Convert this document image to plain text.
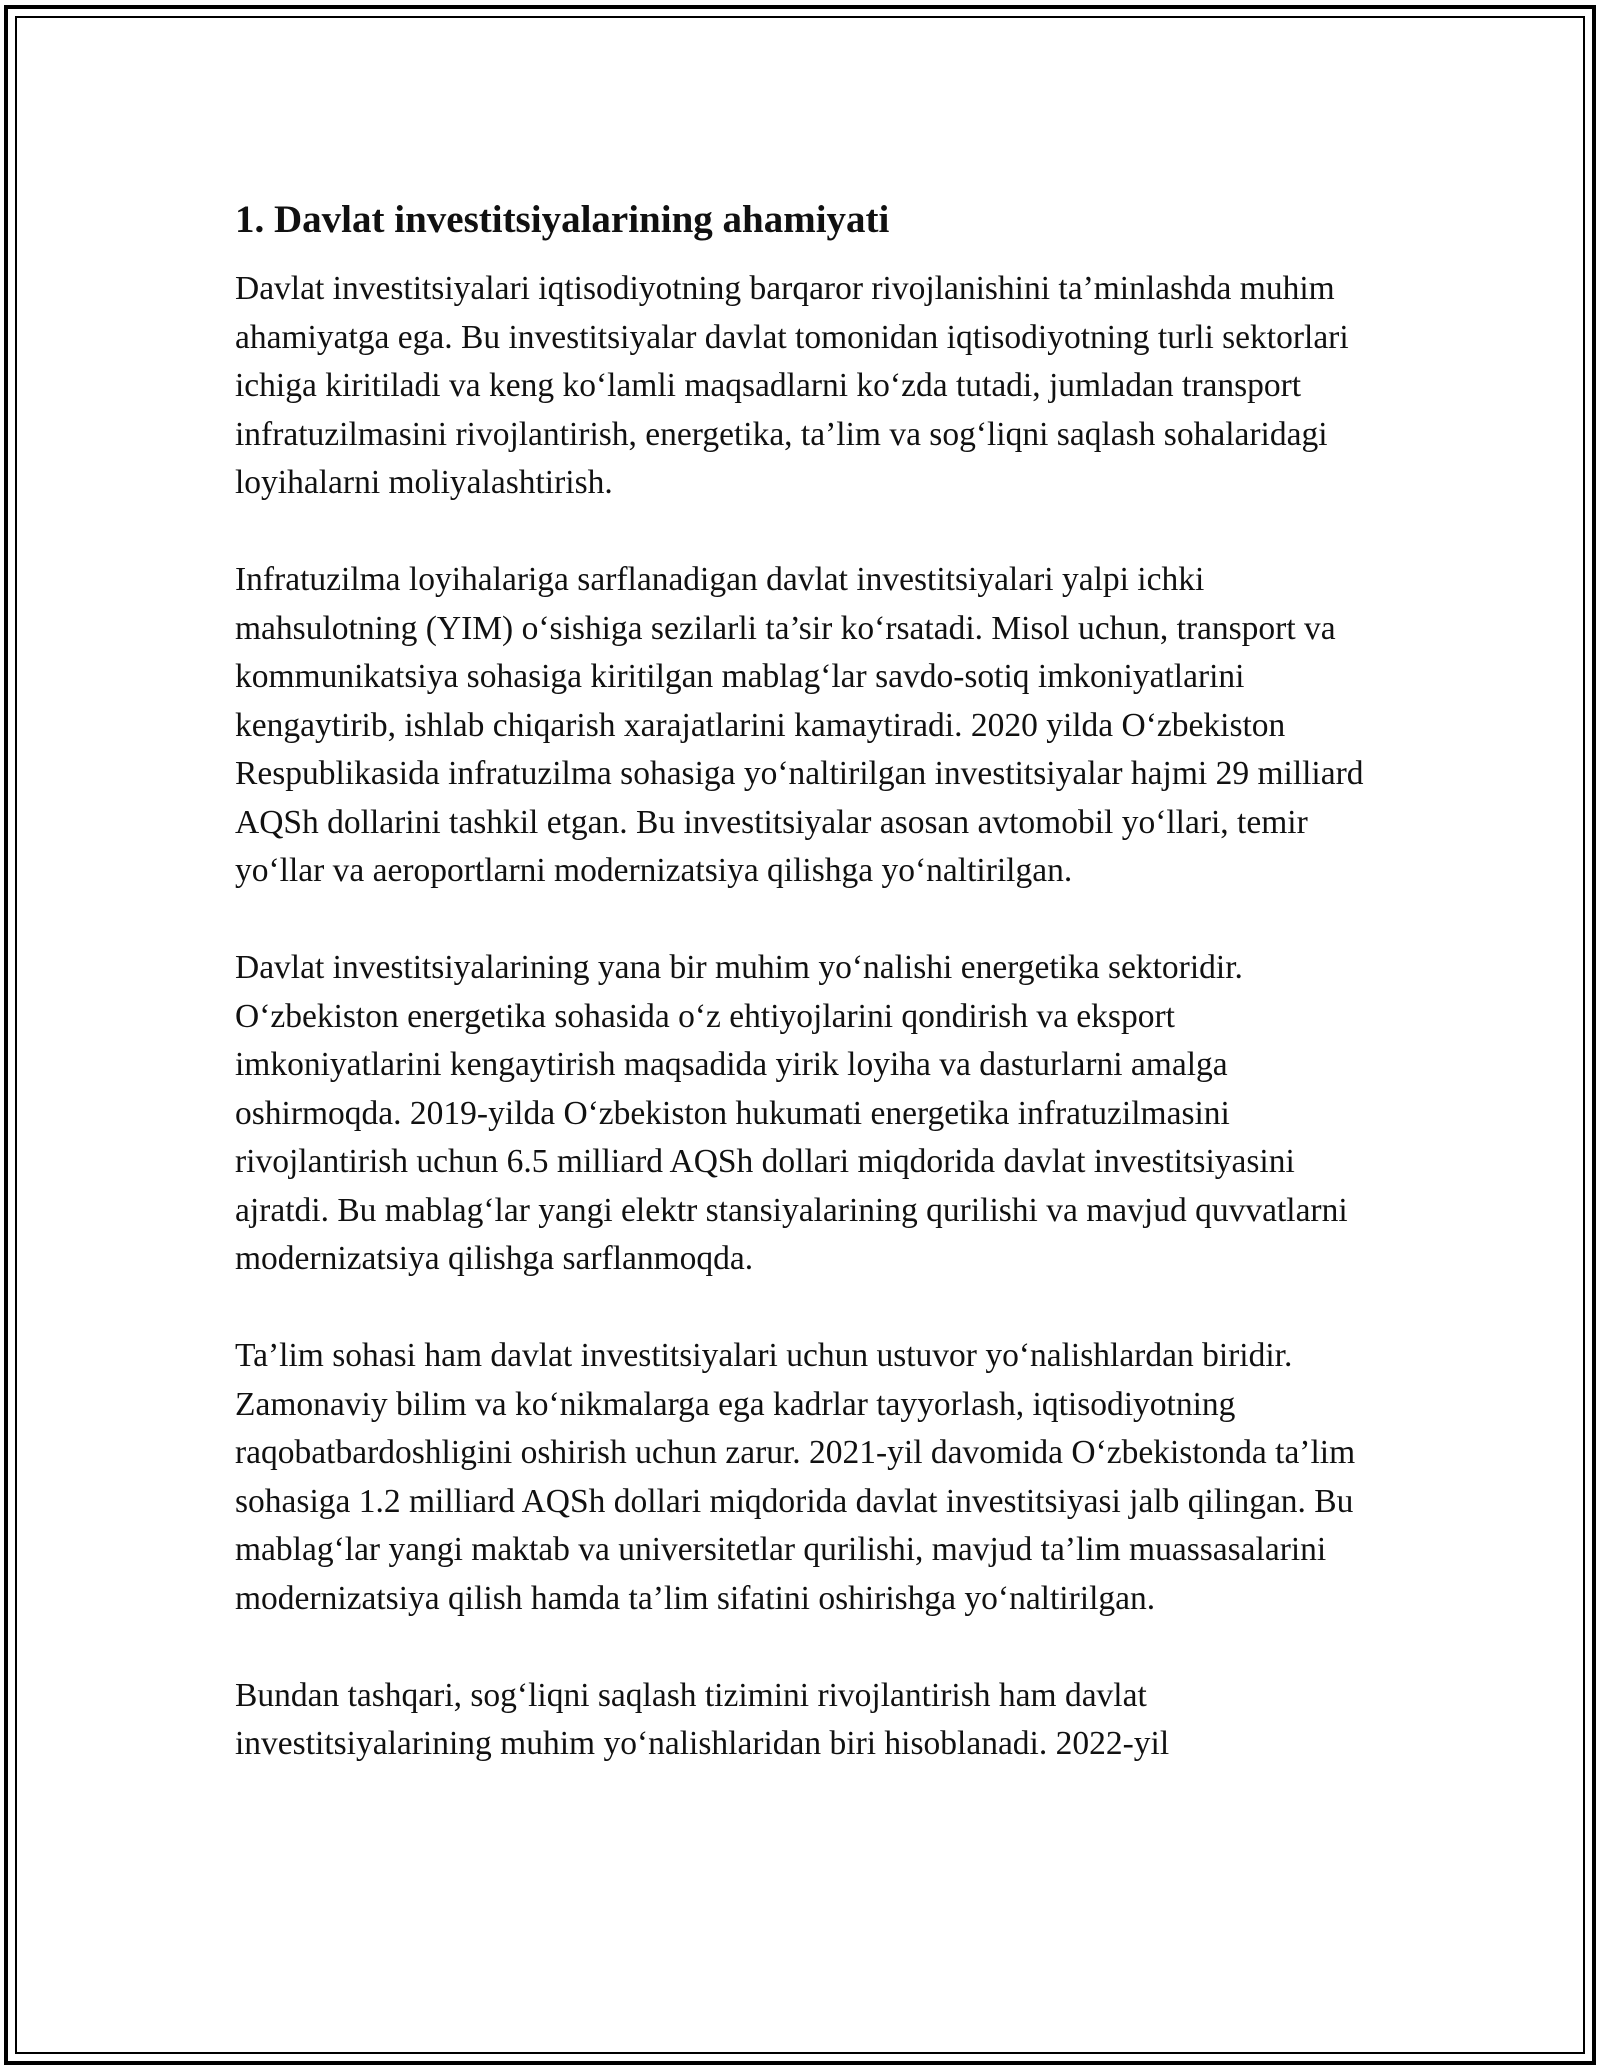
1. Davlat investitsiyalarining ahamiyati

Davlat investitsiyalari iqtisodiyotning barqaror rivojlanishini ta’minlashda muhim ahamiyatga ega. Bu investitsiyalar davlat tomonidan iqtisodiyotning turli sektorlari ichiga kiritiladi va keng ko‘lamli maqsadlarni ko‘zda tutadi, jumladan transport infratuzilmasini rivojlantirish, energetika, ta’lim va sog‘liqni saqlash sohalaridagi loyihalarni moliyalashtirish.

Infratuzilma loyihalariga sarflanadigan davlat investitsiyalari yalpi ichki mahsulotning (YIM) o‘sishiga sezilarli ta’sir ko‘rsatadi. Misol uchun, transport va kommunikatsiya sohasiga kiritilgan mablag‘lar savdo-sotiq imkoniyatlarini kengaytirib, ishlab chiqarish xarajatlarini kamaytiradi. 2020 yilda O‘zbekiston Respublikasida infratuzilma sohasiga yo‘naltirilgan investitsiyalar hajmi 29 milliard AQSh dollarini tashkil etgan. Bu investitsiyalar asosan avtomobil yo‘llari, temir yo‘llar va aeroportlarni modernizatsiya qilishga yo‘naltirilgan.

Davlat investitsiyalarining yana bir muhim yo‘nalishi energetika sektoridir. O‘zbekiston energetika sohasida o‘z ehtiyojlarini qondirish va eksport imkoniyatlarini kengaytirish maqsadida yirik loyiha va dasturlarni amalga oshirmoqda. 2019-yilda O‘zbekiston hukumati energetika infratuzilmasini rivojlantirish uchun 6.5 milliard AQSh dollari miqdorida davlat investitsiyasini ajratdi. Bu mablag‘lar yangi elektr stansiyalarining qurilishi va mavjud quvvatlarni modernizatsiya qilishga sarflanmoqda.

Ta’lim sohasi ham davlat investitsiyalari uchun ustuvor yo‘nalishlardan biridir. Zamonaviy bilim va ko‘nikmalarga ega kadrlar tayyorlash, iqtisodiyotning raqobatbardoshligini oshirish uchun zarur. 2021-yil davomida O‘zbekistonda ta’lim sohasiga 1.2 milliard AQSh dollari miqdorida davlat investitsiyasi jalb qilingan. Bu mablag‘lar yangi maktab va universitetlar qurilishi, mavjud ta’lim muassasalarini modernizatsiya qilish hamda ta’lim sifatini oshirishga yo‘naltirilgan.

Bundan tashqari, sog‘liqni saqlash tizimini rivojlantirish ham davlat investitsiyalarining muhim yo‘nalishlaridan biri hisoblanadi. 2022-yil
